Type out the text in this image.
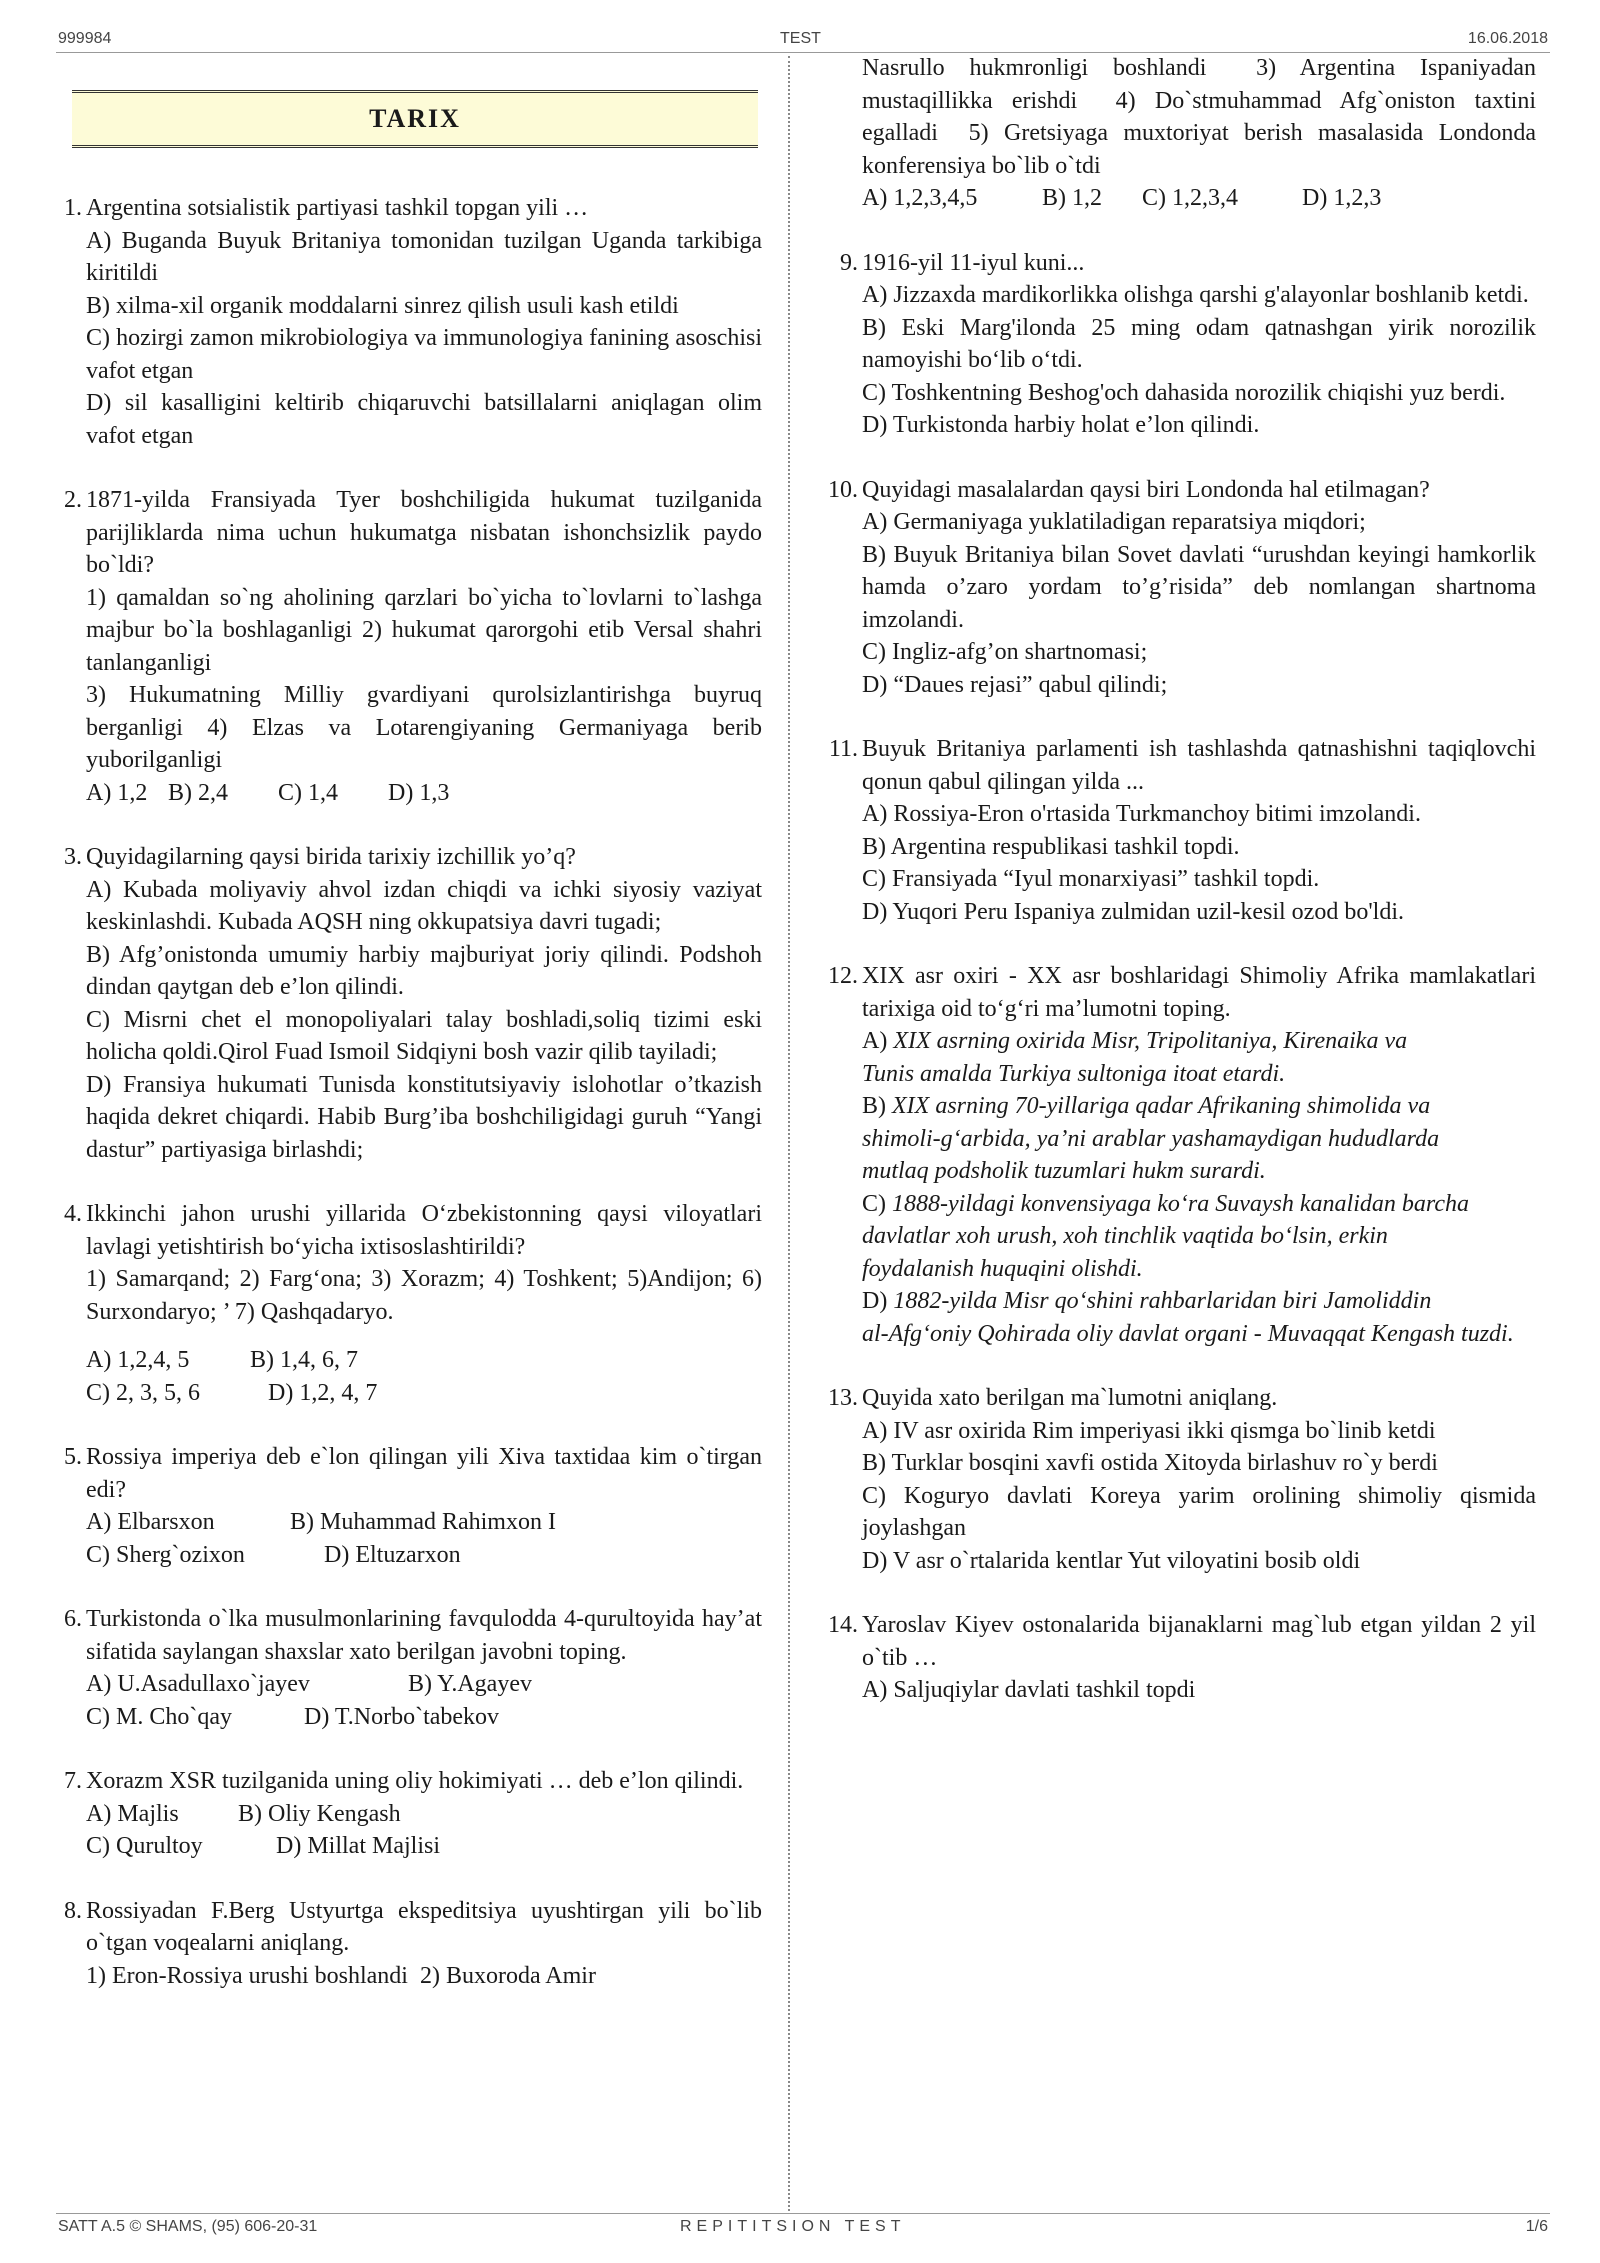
999984	TEST	16.06.2018
TARIX
1. Argentina sotsialistik partiyasi tashkil topgan yili …
A) Buganda Buyuk Britaniya tomonidan tuzilgan Uganda tarkibiga kiritildi
B) xilma-xil organik moddalarni sinrez qilish usuli kash etildi
C) hozirgi zamon mikrobiologiya va immunologiya fanining asoschisi vafot etgan
D) sil kasalligini keltirib chiqaruvchi batsillalarni aniqlagan olim vafot etgan
2. 1871-yilda Fransiyada Tyer boshchiligida hukumat tuzilganida parijliklarda nima uchun hukumatga nisbatan ishonchsizlik paydo bo`ldi?
1) qamaldan so`ng aholining qarzlari bo`yicha to`lovlarni to`lashga majbur bo`la boshlaganligi 2) hukumat qarorgohi etib Versal shahri tanlanganligi
3) Hukumatning Milliy gvardiyani qurolsizlantirishga buyruq berganligi 4) Elzas va Lotarengiyaning Germaniyaga berib yuborilganligi
A) 1,2 B) 2,4 C) 1,4 D) 1,3
3. Quyidagilarning qaysi birida tarixiy izchillik yo’q?
A) Kubada moliyaviy ahvol izdan chiqdi va ichki siyosiy vaziyat keskinlashdi. Kubada AQSH ning okkupatsiya davri tugadi;
B) Afg’onistonda umumiy harbiy majburiyat joriy qilindi. Podshoh dindan qaytgan deb e’lon qilindi.
C) Misrni chet el monopoliyalari talay boshladi,soliq tizimi eski holicha qoldi.Qirol Fuad Ismoil Sidqiyni bosh vazir qilib tayiladi;
D) Fransiya hukumati Tunisda konstitutsiyaviy islohotlar o’tkazish haqida dekret chiqardi. Habib Burg’iba boshchiligidagi guruh “Yangi dastur” partiyasiga birlashdi;
4. Ikkinchi jahon urushi yillarida O‘zbekistonning qaysi viloyatlari lavlagi yetishtirish bo‘yicha ixtisoslashtirildi?
1) Samarqand; 2) Farg‘ona; 3) Xorazm; 4) Toshkent; 5)Andijon; 6) Surxondaryo; ’ 7) Qashqadaryo.
A) 1,2,4, 5	B) 1,4, 6, 7
C) 2, 3, 5, 6	D) 1,2, 4, 7
5. Rossiya imperiya deb e`lon qilingan yili Xiva taxtidaa kim o`tirgan edi?
A) Elbarsxon	B) Muhammad Rahimxon I
C) Sherg`ozixon	D) Eltuzarxon
6. Turkistonda o`lka musulmonlarining favqulodda 4-qurultoyida hay’at sifatida saylangan shaxslar xato berilgan javobni toping.
A) U.Asadullaxo`jayev	B) Y.Agayev
C) M. Cho`qay	D) T.Norbo`tabekov
7. Xorazm XSR tuzilganida uning oliy hokimiyati … deb e’lon qilindi.
A) Majlis B) Oliy Kengash
C) Qurultoy	D) Millat Majlisi
8. Rossiyadan F.Berg Ustyurtga ekspeditsiya uyushtirgan yili bo`lib o`tgan voqealarni aniqlang.
1) Eron-Rossiya urushi boshlandi  2) Buxoroda Amir
Nasrullo hukmronligi boshlandi  3) Argentina Ispaniyadan mustaqillikka erishdi  4) Do`stmuhammad Afg`oniston taxtini egalladi  5) Gretsiyaga muxtoriyat berish masalasida Londonda konferensiya bo`lib o`tdi
A) 1,2,3,4,5	B) 1,2 C) 1,2,3,4	D) 1,2,3
9. 1916-yil 11-iyul kuni...
A) Jizzaxda mardikorlikka olishga qarshi g'alayonlar boshlanib ketdi.
B) Eski Marg'ilonda 25 ming odam qatnashgan yirik norozilik namoyishi bo‘lib o‘tdi.
C) Toshkentning Beshog'och dahasida norozilik chiqishi yuz berdi.
D) Turkistonda harbiy holat e’lon qilindi.
10. Quyidagi masalalardan qaysi biri Londonda hal etilmagan?
A) Germaniyaga yuklatiladigan reparatsiya miqdori;
B) Buyuk Britaniya bilan Sovet davlati “urushdan keyingi hamkorlik hamda o’zaro yordam to’g’risida” deb nomlangan shartnoma imzolandi.
C) Ingliz-afg’on shartnomasi;
D) “Daues rejasi” qabul qilindi;
11. Buyuk Britaniya parlamenti ish tashlashda qatnashishni taqiqlovchi qonun qabul qilingan yilda ...
A) Rossiya-Eron o'rtasida Turkmanchoy bitimi imzolandi.
B) Argentina respublikasi tashkil topdi.
C) Fransiyada “Iyul monarxiyasi” tashkil topdi.
D) Yuqori Peru Ispaniya zulmidan uzil-kesil ozod bo'ldi.
12. XIX asr oxiri - XX asr boshlaridagi Shimoliy Afrika mamlakatlari tarixiga oid to‘g‘ri ma’lumotni toping.
A) XIX asrning oxirida Misr, Tripolitaniya, Kirenaika va
Tunis amalda Turkiya sultoniga itoat etardi.
B) XIX asrning 70-yillariga qadar Afrikaning shimolida va
shimoli-g‘arbida, ya’ni arablar yashamaydigan hududlarda
mutlaq podsholik tuzumlari hukm surardi.
C) 1888-yildagi konvensiyaga ko‘ra Suvaysh kanalidan barcha
davlatlar xoh urush, xoh tinchlik vaqtida bo‘lsin, erkin
foydalanish huquqini olishdi.
D) 1882-yilda Misr qo‘shini rahbarlaridan biri Jamoliddin
al-Afg‘oniy Qohirada oliy davlat organi - Muvaqqat Kengash tuzdi.
13. Quyida xato berilgan ma`lumotni aniqlang.
A) IV asr oxirida Rim imperiyasi ikki qismga bo`linib ketdi
B) Turklar bosqini xavfi ostida Xitoyda birlashuv ro`y berdi
C) Koguryo davlati Koreya yarim orolining shimoliy qismida joylashgan
D) V asr o`rtalarida kentlar Yut viloyatini bosib oldi
14. Yaroslav Kiyev ostonalarida bijanaklarni mag`lub etgan yildan 2 yil o`tib …
A) Saljuqiylar davlati tashkil topdi
SATT A.5 © SHAMS, (95) 606-20-31	REPITITSION TEST	1/6
